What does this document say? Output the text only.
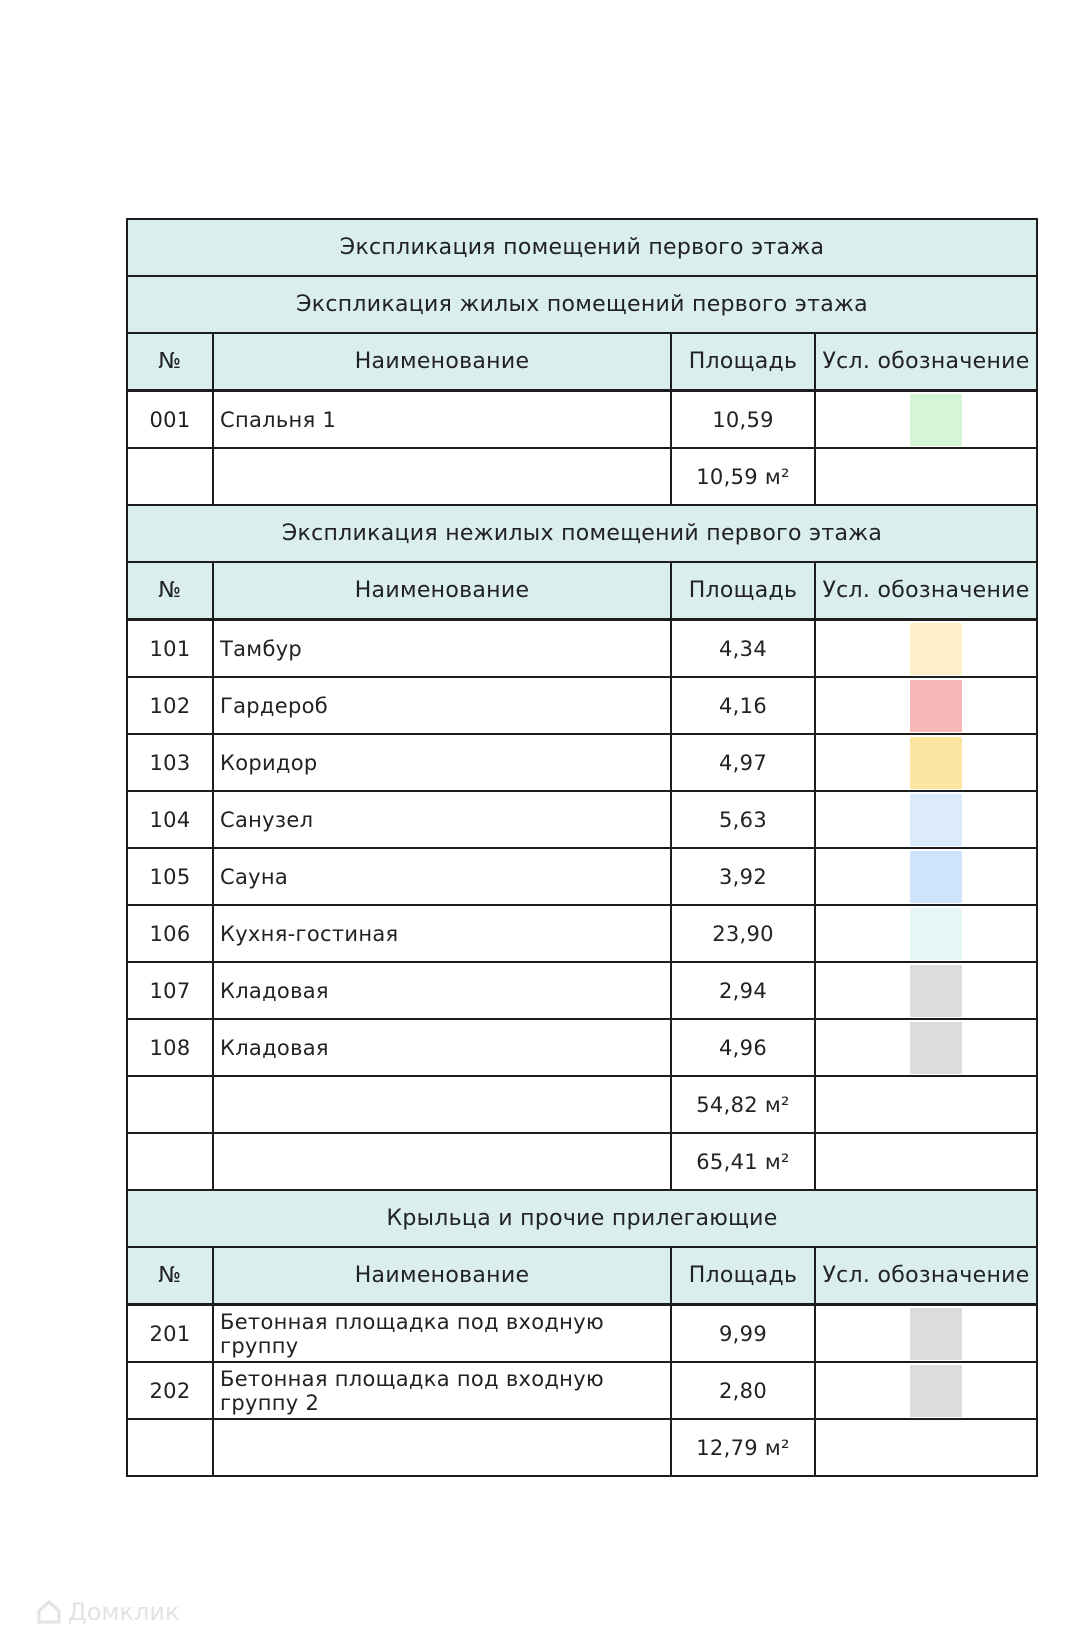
Экспликация помещений первого этажа			
Экспликация жилых помещений первого этажа			
№	Наименование	Площадь	Усл. обозначение
001	Спальня 1	10,59	
		10,59 м²	
Экспликация нежилых помещений первого этажа			
№	Наименование	Площадь	Усл. обозначение
101	Тамбур	4,34	
102	Гардероб	4,16	
103	Коридор	4,97	
104	Санузел	5,63	
105	Сауна	3,92	
106	Кухня-гостиная	23,90	
107	Кладовая	2,94	
108	Кладовая	4,96	
		54,82 м²	
		65,41 м²	
Крыльца и прочие прилегающие			
№	Наименование	Площадь	Усл. обозначение
201	Бетонная площадка под входную группу	9,99	
202	Бетонная площадка под входную группу 2	2,80	
		12,79 м²	
Домклик
